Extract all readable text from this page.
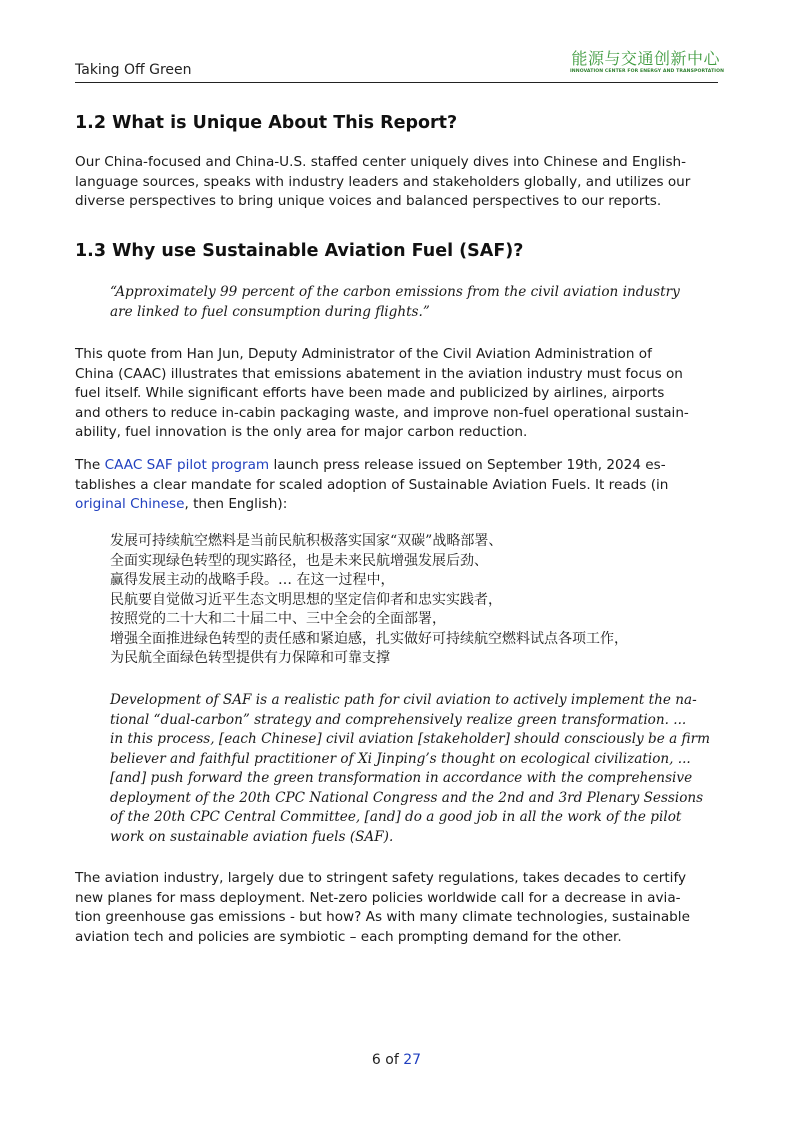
Taking Off Green
能源与交通创新中心
INNOVATION CENTER FOR ENERGY AND TRANSPORTATION
1.2 What is Unique About This Report?
Our China-focused and China-U.S. staffed center uniquely dives into Chinese and English-
language sources, speaks with industry leaders and stakeholders globally, and utilizes our
diverse perspectives to bring unique voices and balanced perspectives to our reports.
1.3 Why use Sustainable Aviation Fuel (SAF)?
“Approximately 99 percent of the carbon emissions from the civil aviation industry
are linked to fuel consumption during flights.”
This quote from Han Jun, Deputy Administrator of the Civil Aviation Administration of
China (CAAC) illustrates that emissions abatement in the aviation industry must focus on
fuel itself. While significant efforts have been made and publicized by airlines, airports
and others to reduce in-cabin packaging waste, and improve non-fuel operational sustain-
ability, fuel innovation is the only area for major carbon reduction.
The CAAC SAF pilot program launch press release issued on September 19th, 2024 es-
tablishes a clear mandate for scaled adoption of Sustainable Aviation Fuels. It reads (in
original Chinese, then English):
发展可持续航空燃料是当前民航积极落实国家“双碳”战略部署、
全面实现绿色转型的现实路径，也是未来民航增强发展后劲、
赢得发展主动的战略手段。… 在这一过程中，
民航要自觉做习近平生态文明思想的坚定信仰者和忠实实践者，
按照党的二十大和二十届二中、三中全会的全面部署，
增强全面推进绿色转型的责任感和紧迫感，扎实做好可持续航空燃料试点各项工作，
为民航全面绿色转型提供有力保障和可靠支撑
Development of SAF is a realistic path for civil aviation to actively implement the na-
tional “dual-carbon” strategy and comprehensively realize green transformation. ...
in this process, [each Chinese] civil aviation [stakeholder] should consciously be a firm
believer and faithful practitioner of Xi Jinping’s thought on ecological civilization, ...
[and] push forward the green transformation in accordance with the comprehensive
deployment of the 20th CPC National Congress and the 2nd and 3rd Plenary Sessions
of the 20th CPC Central Committee, [and] do a good job in all the work of the pilot
work on sustainable aviation fuels (SAF).
The aviation industry, largely due to stringent safety regulations, takes decades to certify
new planes for mass deployment. Net-zero policies worldwide call for a decrease in avia-
tion greenhouse gas emissions - but how? As with many climate technologies, sustainable
aviation tech and policies are symbiotic – each prompting demand for the other.
6 of 27
